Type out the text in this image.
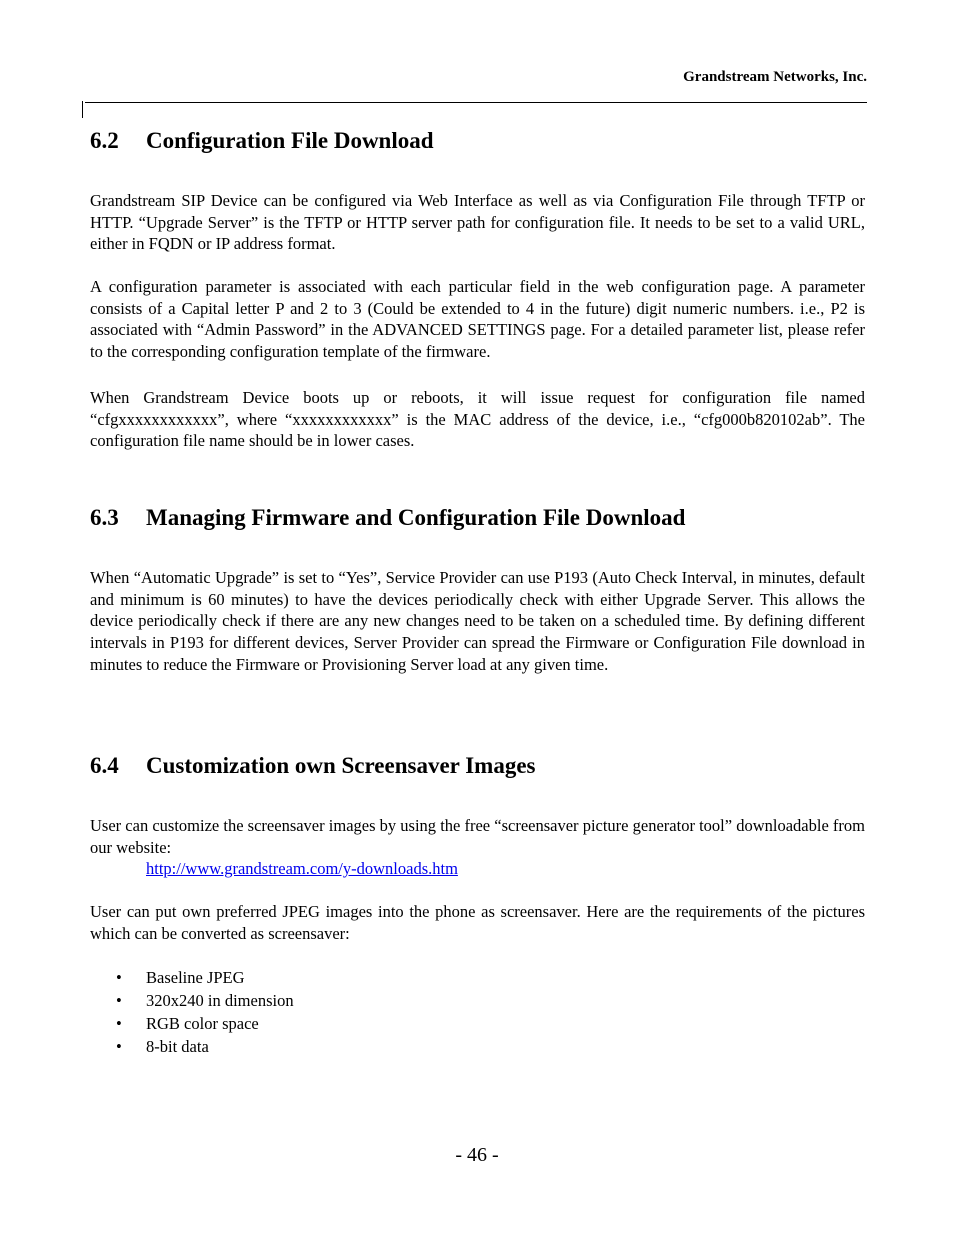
Grandstream Networks, Inc.
6.2 Configuration File Download

Grandstream SIP Device can be configured via Web Interface as well as via Configuration File through TFTP or HTTP. “Upgrade Server” is the TFTP or HTTP server path for configuration file. It needs to be set to a valid URL, either in FQDN or IP address format.

A configuration parameter is associated with each particular field in the web configuration page. A parameter consists of a Capital letter P and 2 to 3 (Could be extended to 4 in the future) digit numeric numbers. i.e., P2 is associated with “Admin Password” in the ADVANCED SETTINGS page. For a detailed parameter list, please refer to the corresponding configuration template of the firmware.

When Grandstream Device boots up or reboots, it will issue request for configuration file named “cfgxxxxxxxxxxxx”, where “xxxxxxxxxxxx” is the MAC address of the device, i.e., “cfg000b820102ab”. The configuration file name should be in lower cases.

6.3 Managing Firmware and Configuration File Download

When “Automatic Upgrade” is set to “Yes”, Service Provider can use P193 (Auto Check Interval, in minutes, default and minimum is 60 minutes) to have the devices periodically check with either Upgrade Server. This allows the device periodically check if there are any new changes need to be taken on a scheduled time. By defining different intervals in P193 for different devices, Server Provider can spread the Firmware or Configuration File download in minutes to reduce the Firmware or Provisioning Server load at any given time.

6.4 Customization own Screensaver Images

User can customize the screensaver images by using the free “screensaver picture generator tool” downloadable from our website:

http://www.grandstream.com/y-downloads.htm

User can put own preferred JPEG images into the phone as screensaver. Here are the requirements of the pictures which can be converted as screensaver:

• Baseline JPEG
• 320x240 in dimension
• RGB color space
• 8-bit data
- 46 -
